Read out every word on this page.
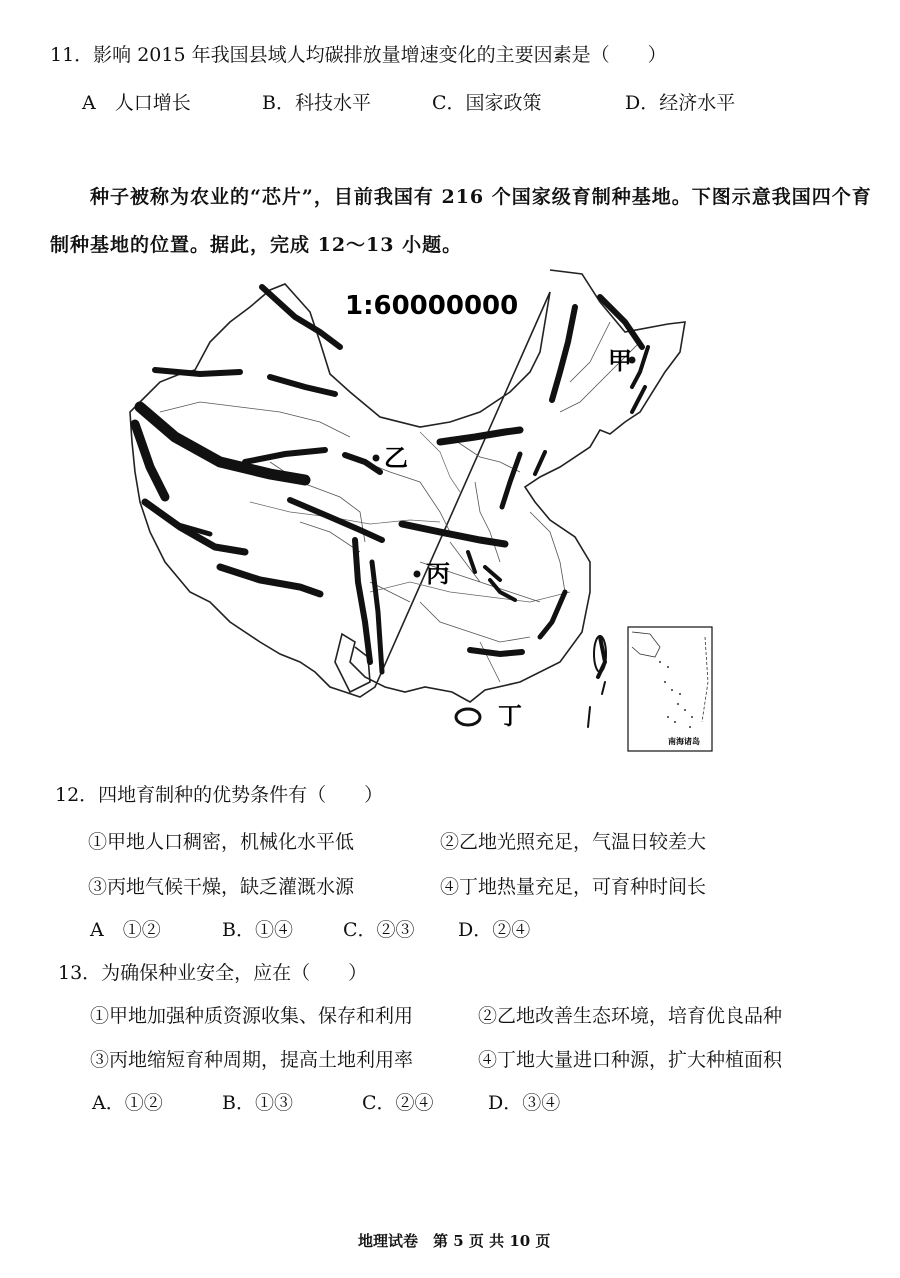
11．影响 2015 年我国县域人均碳排放量增速变化的主要因素是（　　）
A　人口增长	B．科技水平	C．国家政策	D．经济水平
种子被称为农业的“芯片”，目前我国有 216 个国家级育制种基地。下图示意我国四个育
制种基地的位置。据此，完成 12～13 小题。
1:60000000
甲
乙
丙
丁
南海诸岛
12．四地育制种的优势条件有（　　）
①甲地人口稠密，机械化水平低	②乙地光照充足，气温日较差大
③丙地气候干燥，缺乏灌溉水源	④丁地热量充足，可育种时间长
A　①②	B．①④	C．②③ D．②④
13．为确保种业安全，应在（　　）
①甲地加强种质资源收集、保存和利用	②乙地改善生态环境，培育优良品种
③丙地缩短育种周期，提高土地利用率	④丁地大量进口种源，扩大种植面积
A．①②	B．①③	C．②④	D．③④
地理试卷　第 5 页 共 10 页
